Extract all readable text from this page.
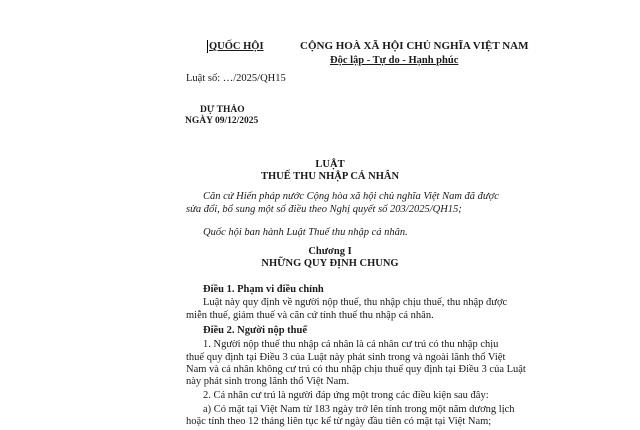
QUỐC HỘI	CỘNG HOÀ XÃ HỘI CHỦ NGHĨA VIỆT NAM
Độc lập - Tự do - Hạnh phúc
Luật số: …/2025/QH15
DỰ THẢO
NGÀY 09/12/2025
LUẬT
THUẾ THU NHẬP CÁ NHÂN
Căn cứ Hiến pháp nước Cộng hòa xã hội chủ nghĩa Việt Nam đã được
sửa đổi, bổ sung một số điều theo Nghị quyết số 203/2025/QH15;
Quốc hội ban hành Luật Thuế thu nhập cá nhân.
Chương I
NHỮNG QUY ĐỊNH CHUNG
Điều 1. Phạm vi điều chỉnh
Luật này quy định về người nộp thuế, thu nhập chịu thuế, thu nhập được
miễn thuế, giảm thuế và căn cứ tính thuế thu nhập cá nhân.
Điều 2. Người nộp thuế
1. Người nộp thuế thu nhập cá nhân là cá nhân cư trú có thu nhập chịu
thuế quy định tại Điều 3 của Luật này phát sinh trong và ngoài lãnh thổ Việt
Nam và cá nhân không cư trú có thu nhập chịu thuế quy định tại Điều 3 của Luật
này phát sinh trong lãnh thổ Việt Nam.
2. Cá nhân cư trú là người đáp ứng một trong các điều kiện sau đây:
a) Có mặt tại Việt Nam từ 183 ngày trở lên tính trong một năm dương lịch
hoặc tính theo 12 tháng liên tục kể từ ngày đầu tiên có mặt tại Việt Nam;
